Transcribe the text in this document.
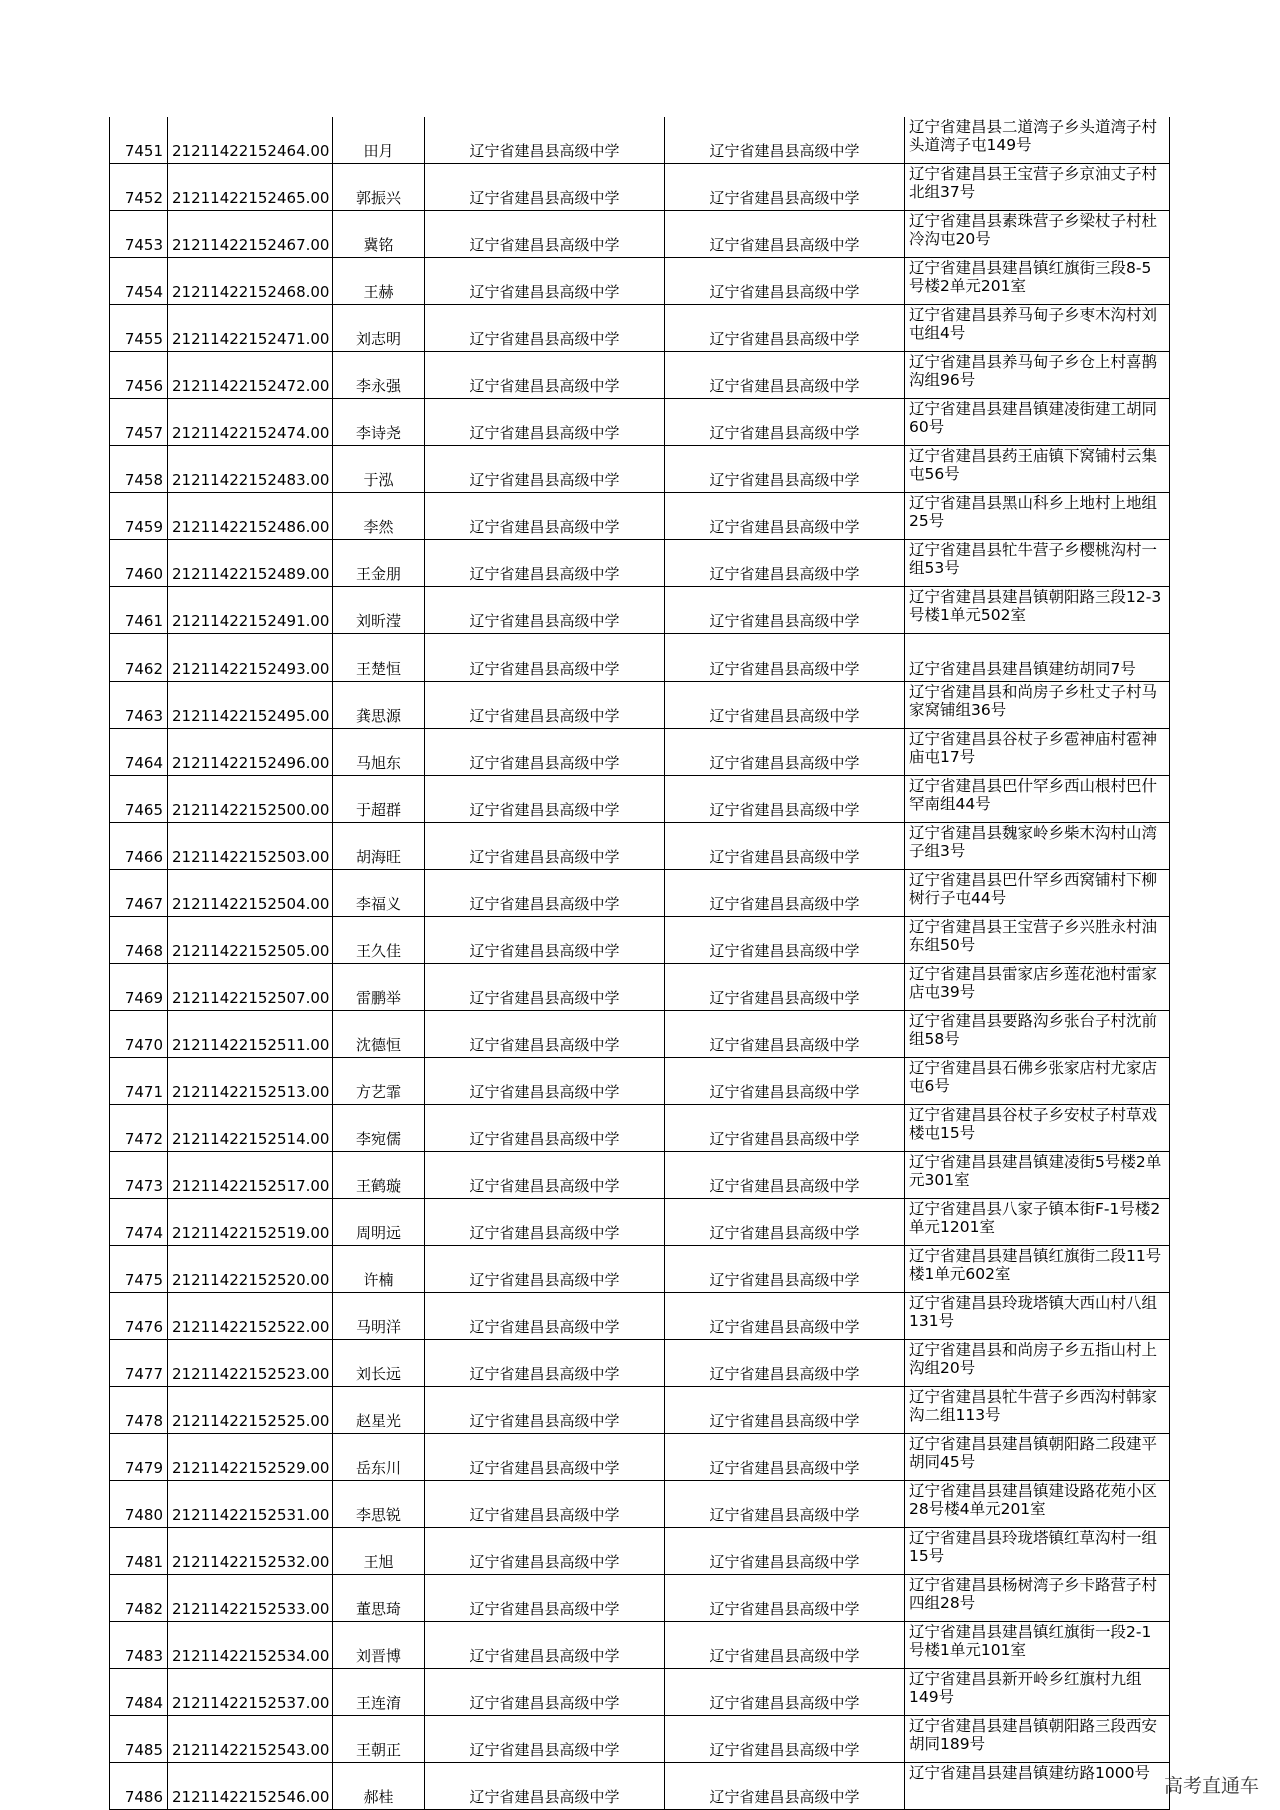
7451	21211422152464.00	田月	辽宁省建昌县高级中学	辽宁省建昌县高级中学	辽宁省建昌县二道湾子乡头道湾子村头道湾子屯149号
7452	21211422152465.00	郭振兴	辽宁省建昌县高级中学	辽宁省建昌县高级中学	辽宁省建昌县王宝营子乡京油丈子村北组37号
7453	21211422152467.00	冀铭	辽宁省建昌县高级中学	辽宁省建昌县高级中学	辽宁省建昌县素珠营子乡梁杖子村杜冷沟屯20号
7454	21211422152468.00	王赫	辽宁省建昌县高级中学	辽宁省建昌县高级中学	辽宁省建昌县建昌镇红旗街三段8-5号楼2单元201室
7455	21211422152471.00	刘志明	辽宁省建昌县高级中学	辽宁省建昌县高级中学	辽宁省建昌县养马甸子乡枣木沟村刘屯组4号
7456	21211422152472.00	李永强	辽宁省建昌县高级中学	辽宁省建昌县高级中学	辽宁省建昌县养马甸子乡仓上村喜鹊沟组96号
7457	21211422152474.00	李诗尧	辽宁省建昌县高级中学	辽宁省建昌县高级中学	辽宁省建昌县建昌镇建凌街建工胡同60号
7458	21211422152483.00	于泓	辽宁省建昌县高级中学	辽宁省建昌县高级中学	辽宁省建昌县药王庙镇下窝铺村云集屯56号
7459	21211422152486.00	李然	辽宁省建昌县高级中学	辽宁省建昌县高级中学	辽宁省建昌县黑山科乡上地村上地组25号
7460	21211422152489.00	王金朋	辽宁省建昌县高级中学	辽宁省建昌县高级中学	辽宁省建昌县牤牛营子乡樱桃沟村一组53号
7461	21211422152491.00	刘昕滢	辽宁省建昌县高级中学	辽宁省建昌县高级中学	辽宁省建昌县建昌镇朝阳路三段12-3号楼1单元502室
7462	21211422152493.00	王楚恒	辽宁省建昌县高级中学	辽宁省建昌县高级中学	辽宁省建昌县建昌镇建纺胡同7号
7463	21211422152495.00	龚思源	辽宁省建昌县高级中学	辽宁省建昌县高级中学	辽宁省建昌县和尚房子乡杜丈子村马家窝铺组36号
7464	21211422152496.00	马旭东	辽宁省建昌县高级中学	辽宁省建昌县高级中学	辽宁省建昌县谷杖子乡雹神庙村雹神庙屯17号
7465	21211422152500.00	于超群	辽宁省建昌县高级中学	辽宁省建昌县高级中学	辽宁省建昌县巴什罕乡西山根村巴什罕南组44号
7466	21211422152503.00	胡海旺	辽宁省建昌县高级中学	辽宁省建昌县高级中学	辽宁省建昌县魏家岭乡柴木沟村山湾子组3号
7467	21211422152504.00	李福义	辽宁省建昌县高级中学	辽宁省建昌县高级中学	辽宁省建昌县巴什罕乡西窝铺村下柳树行子屯44号
7468	21211422152505.00	王久佳	辽宁省建昌县高级中学	辽宁省建昌县高级中学	辽宁省建昌县王宝营子乡兴胜永村油东组50号
7469	21211422152507.00	雷鹏举	辽宁省建昌县高级中学	辽宁省建昌县高级中学	辽宁省建昌县雷家店乡莲花池村雷家店屯39号
7470	21211422152511.00	沈德恒	辽宁省建昌县高级中学	辽宁省建昌县高级中学	辽宁省建昌县要路沟乡张台子村沈前组58号
7471	21211422152513.00	方艺霏	辽宁省建昌县高级中学	辽宁省建昌县高级中学	辽宁省建昌县石佛乡张家店村尤家店屯6号
7472	21211422152514.00	李宛儒	辽宁省建昌县高级中学	辽宁省建昌县高级中学	辽宁省建昌县谷杖子乡安杖子村草戏楼屯15号
7473	21211422152517.00	王鹤璇	辽宁省建昌县高级中学	辽宁省建昌县高级中学	辽宁省建昌县建昌镇建凌街5号楼2单元301室
7474	21211422152519.00	周明远	辽宁省建昌县高级中学	辽宁省建昌县高级中学	辽宁省建昌县八家子镇本街F-1号楼2单元1201室
7475	21211422152520.00	许楠	辽宁省建昌县高级中学	辽宁省建昌县高级中学	辽宁省建昌县建昌镇红旗街二段11号楼1单元602室
7476	21211422152522.00	马明洋	辽宁省建昌县高级中学	辽宁省建昌县高级中学	辽宁省建昌县玲珑塔镇大西山村八组131号
7477	21211422152523.00	刘长远	辽宁省建昌县高级中学	辽宁省建昌县高级中学	辽宁省建昌县和尚房子乡五指山村上沟组20号
7478	21211422152525.00	赵星光	辽宁省建昌县高级中学	辽宁省建昌县高级中学	辽宁省建昌县牤牛营子乡西沟村韩家沟二组113号
7479	21211422152529.00	岳东川	辽宁省建昌县高级中学	辽宁省建昌县高级中学	辽宁省建昌县建昌镇朝阳路二段建平胡同45号
7480	21211422152531.00	李思锐	辽宁省建昌县高级中学	辽宁省建昌县高级中学	辽宁省建昌县建昌镇建设路花苑小区28号楼4单元201室
7481	21211422152532.00	王旭	辽宁省建昌县高级中学	辽宁省建昌县高级中学	辽宁省建昌县玲珑塔镇红草沟村一组15号
7482	21211422152533.00	董思琦	辽宁省建昌县高级中学	辽宁省建昌县高级中学	辽宁省建昌县杨树湾子乡卡路营子村四组28号
7483	21211422152534.00	刘晋博	辽宁省建昌县高级中学	辽宁省建昌县高级中学	辽宁省建昌县建昌镇红旗街一段2-1号楼1单元101室
7484	21211422152537.00	王连淯	辽宁省建昌县高级中学	辽宁省建昌县高级中学	辽宁省建昌县新开岭乡红旗村九组149号
7485	21211422152543.00	王朝正	辽宁省建昌县高级中学	辽宁省建昌县高级中学	辽宁省建昌县建昌镇朝阳路三段西安胡同189号
7486	21211422152546.00	郝桂	辽宁省建昌县高级中学	辽宁省建昌县高级中学	辽宁省建昌县建昌镇建纺路1000号
高考直通车
